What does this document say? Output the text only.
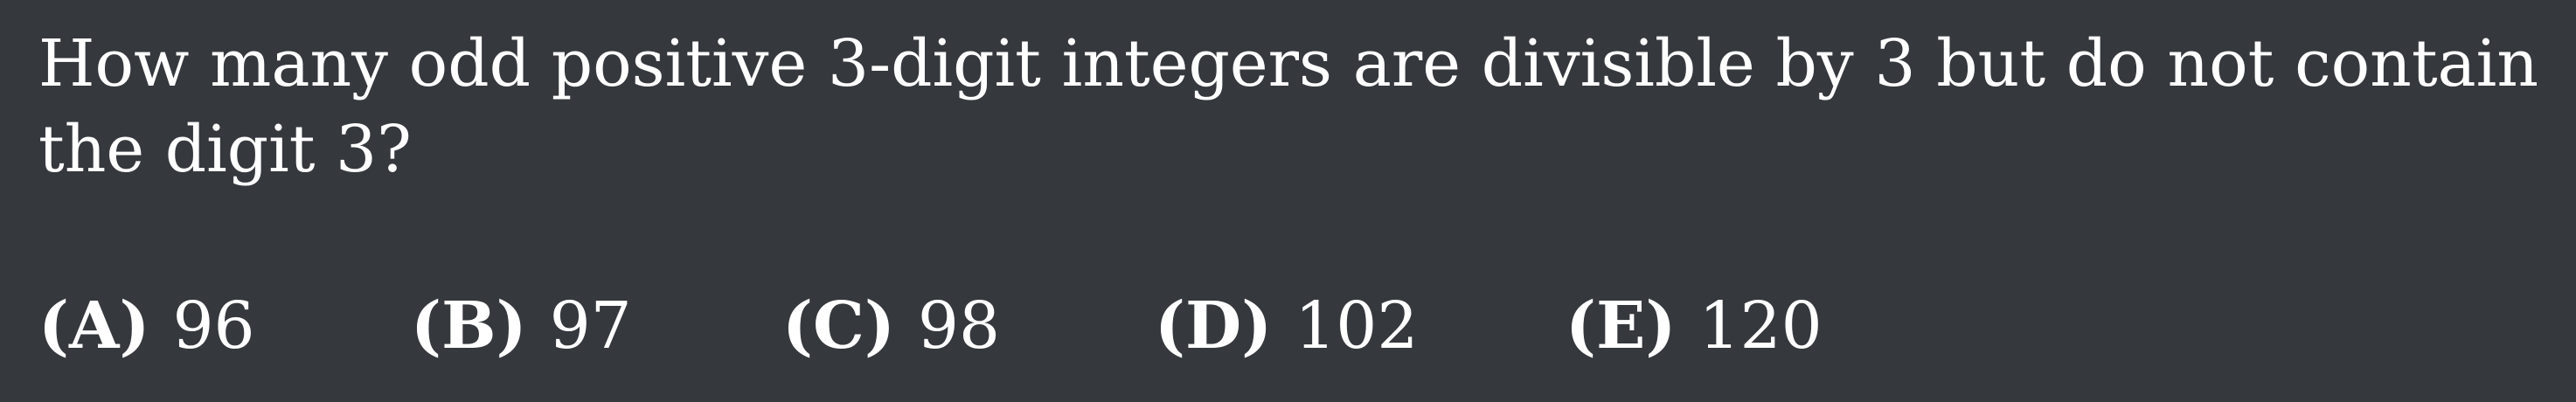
How many odd positive 3-digit integers are divisible by 3 but do not contain the digit 3?

(A) 96 (B) 97 (C) 98 (D) 102 (E) 120
